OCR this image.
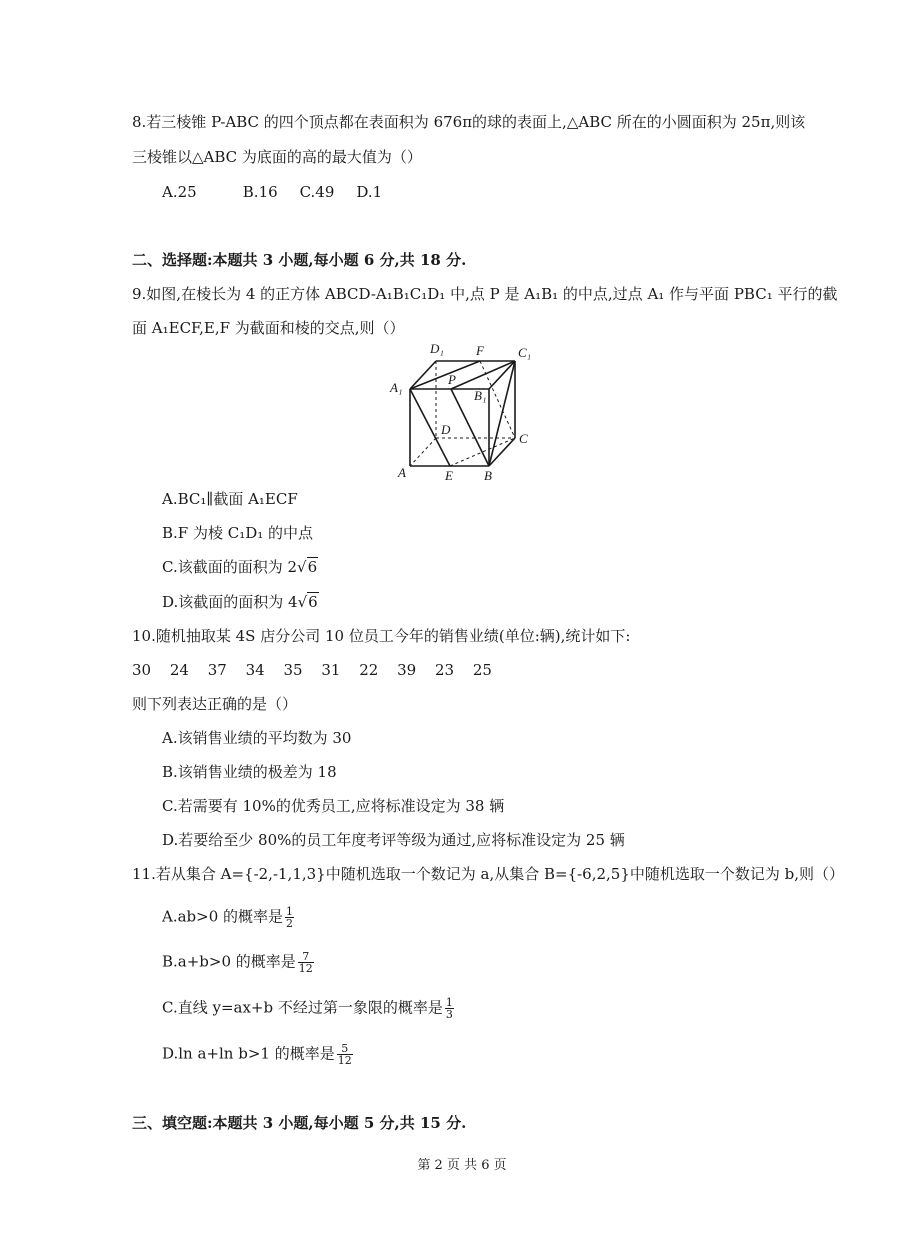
8.若三棱锥 P-ABC 的四个顶点都在表面积为 676π的球的表面上,△ABC 所在的小圆面积为 25π,则该
三棱锥以△ABC 为底面的高的最大值为（）
A.25	B.16 C.49 D.1
二、选择题:本题共 3 小题,每小题 6 分,共 18 分.
9.如图,在棱长为 4 的正方体 ABCD-A₁B₁C₁D₁ 中,点 P 是 A₁B₁ 的中点,过点 A₁ 作与平面 PBC₁ 平行的截
面 A₁ECF,E,F 为截面和棱的交点,则（）
D₁ F	C₁
A₁
P
B₁
D
C
A	E B
A.BC₁∥截面 A₁ECF
B.F 为棱 C₁D₁ 的中点
C.该截面的面积为 2√6
D.该截面的面积为 4√6
10.随机抽取某 4S 店分公司 10 位员工今年的销售业绩(单位:辆),统计如下:
30 24 37 34 35 31 22 39 23 25
则下列表达正确的是（）
A.该销售业绩的平均数为 30
B.该销售业绩的极差为 18
C.若需要有 10%的优秀员工,应将标准设定为 38 辆
D.若要给至少 80%的员工年度考评等级为通过,应将标准设定为 25 辆
11.若从集合 A={-2,-1,1,3}中随机选取一个数记为 a,从集合 B={-6,2,5}中随机选取一个数记为 b,则（）
A.ab>0 的概率是 $\frac{1}{2}$
B.a+b>0 的概率是 $\frac{7}{12}$
C.直线 y=ax+b 不经过第一象限的概率是 $\frac{1}{3}$
D.ln a+ln b>1 的概率是 $\frac{5}{12}$
三、填空题:本题共 3 小题,每小题 5 分,共 15 分.
第 2 页 共 6 页
